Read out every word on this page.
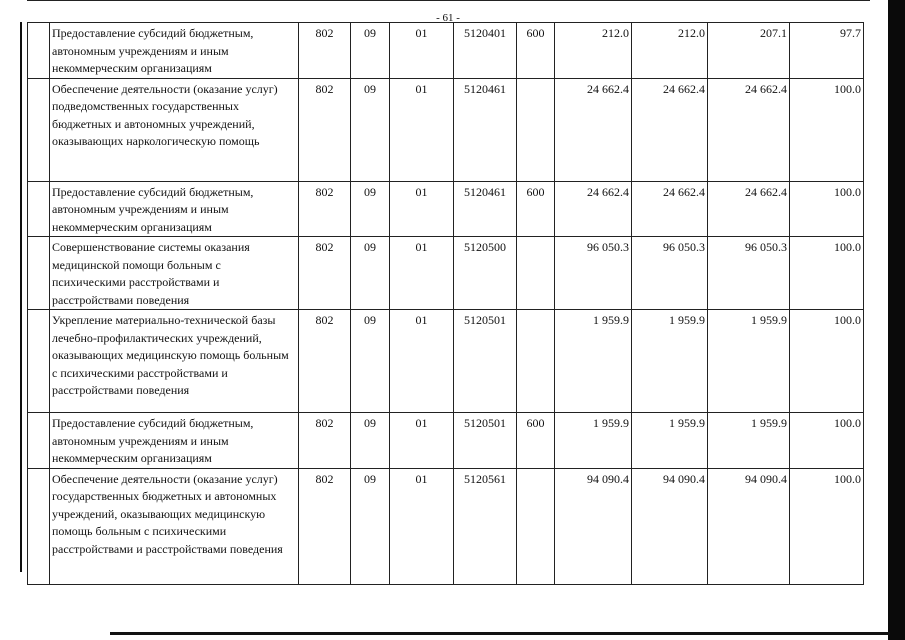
- 61 -
	Предоставление субсидий бюджетным, автономным учреждениям и иным некоммерческим организациям	802	09	01	5120401	600	212.0	212.0	207.1	97.7
	Обеспечение деятельности (оказание услуг) подведомственных государственных бюджетных и автономных учреждений, оказывающих наркологическую помощь	802	09	01	5120461		24 662.4	24 662.4	24 662.4	100.0
	Предоставление субсидий бюджетным, автономным учреждениям и иным некоммерческим организациям	802	09	01	5120461	600	24 662.4	24 662.4	24 662.4	100.0
	Совершенствование системы оказания медицинской помощи больным с психическими расстройствами и расстройствами поведения	802	09	01	5120500		96 050.3	96 050.3	96 050.3	100.0
	Укрепление материально-технической базы лечебно-профилактических учреждений, оказывающих медицинскую помощь больным с психическими расстройствами и расстройствами поведения	802	09	01	5120501		1 959.9	1 959.9	1 959.9	100.0
	Предоставление субсидий бюджетным, автономным учреждениям и иным некоммерческим организациям	802	09	01	5120501	600	1 959.9	1 959.9	1 959.9	100.0
	Обеспечение деятельности (оказание услуг) государственных бюджетных и автономных учреждений, оказывающих медицинскую помощь больным с психическими расстройствами и расстройствами поведения	802	09	01	5120561		94 090.4	94 090.4	94 090.4	100.0
